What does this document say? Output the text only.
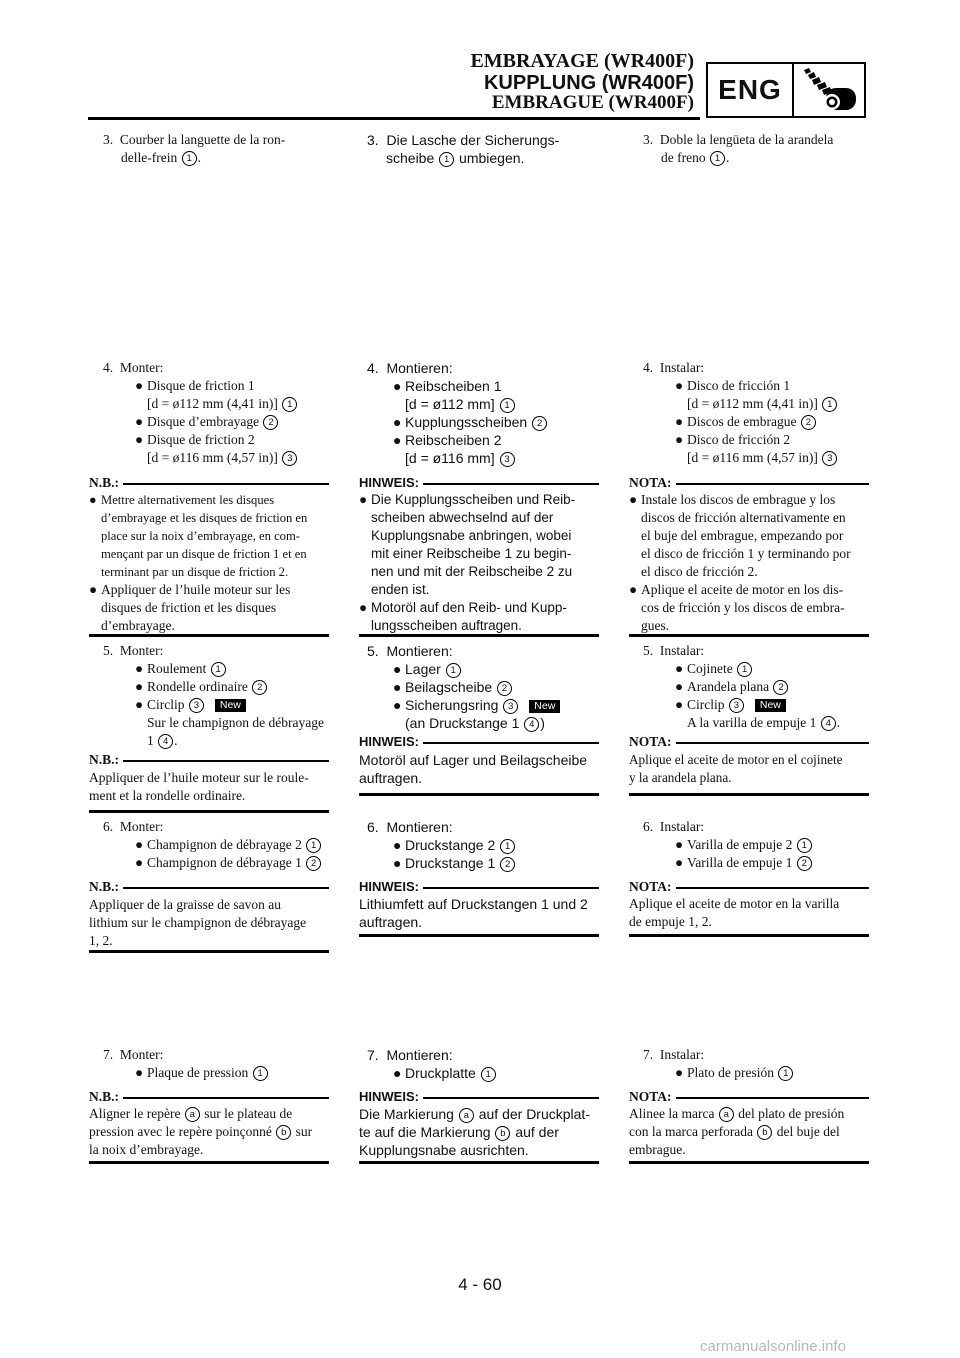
EMBRAYAGE (WR400F)
KUPPLUNG (WR400F)
EMBRAGUE (WR400F) ENG
3. Courber la languette de la ron-
delle-frein 1 .
4. Monter:
● Disque de friction 1
[d = ø112 mm (4,41 in)] 1
● Disque d’embrayage 2
● Disque de friction 2
[d = ø116 mm (4,57 in)] 3
N.B.:
● Mettre alternativement les disques
d’embrayage et les disques de friction en
place sur la noix d’embrayage, en com-
mençant par un disque de friction 1 et en
terminant par un disque de friction 2.
● Appliquer de l’huile moteur sur les
disques de friction et les disques
d’embrayage.
5. Monter:
● Roulement 1
● Rondelle ordinaire 2
● Circlip 3 New
Sur le champignon de débrayage
1 4 .
N.B.:
Appliquer de l’huile moteur sur le roule-
ment et la rondelle ordinaire.
6. Monter:
● Champignon de débrayage 2 1
● Champignon de débrayage 1 2
N.B.:
Appliquer de la graisse de savon au
lithium sur le champignon de débrayage
1, 2.
7. Monter:
● Plaque de pression 1
N.B.:
Aligner le repère a sur le plateau de
pression avec le repère poinçonné b sur
la noix d’embrayage.
3. Die Lasche der Sicherungs-
scheibe 1 umbiegen.
4. Montieren:
● Reibscheiben 1
[d = ø112 mm] 1
● Kupplungsscheiben 2
● Reibscheiben 2
[d = ø116 mm] 3
HINWEIS:
● Die Kupplungsscheiben und Reib-
scheiben abwechselnd auf der
Kupplungsnabe anbringen, wobei
mit einer Reibscheibe 1 zu begin-
nen und mit der Reibscheibe 2 zu
enden ist.
● Motoröl auf den Reib- und Kupp-
lungsscheiben auftragen.
5. Montieren:
● Lager 1
● Beilagscheibe 2
● Sicherungsring 3 New
(an Druckstange 1 4 )
HINWEIS:
Motoröl auf Lager und Beilagscheibe
auftragen.
6. Montieren:
● Druckstange 2 1
● Druckstange 1 2
HINWEIS:
Lithiumfett auf Druckstangen 1 und 2
auftragen.
7. Montieren:
● Druckplatte 1
HINWEIS:
Die Markierung a auf der Druckplat-
te auf die Markierung b auf der
Kupplungsnabe ausrichten.
3. Doble la lengüeta de la arandela
de freno 1 .
4. Instalar:
● Disco de fricción 1
[d = ø112 mm (4,41 in)] 1
● Discos de embrague 2
● Disco de fricción 2
[d = ø116 mm (4,57 in)] 3
NOTA:
● Instale los discos de embrague y los
discos de fricción alternativamente en
el buje del embrague, empezando por
el disco de fricción 1 y terminando por
el disco de fricción 2.
● Aplique el aceite de motor en los dis-
cos de fricción y los discos de embra-
gues.
5. Instalar:
● Cojinete 1
● Arandela plana 2
● Circlip 3 New
A la varilla de empuje 1 4 .
NOTA:
Aplique el aceite de motor en el cojinete
y la arandela plana.
6. Instalar:
● Varilla de empuje 2 1
● Varilla de empuje 1 2
NOTA:
Aplique el aceite de motor en la varilla
de empuje 1, 2.
7. Instalar:
● Plato de presión 1
NOTA:
Alinee la marca a del plato de presión
con la marca perforada b del buje del
embrague.
4 - 60
carmanualsonline.info
